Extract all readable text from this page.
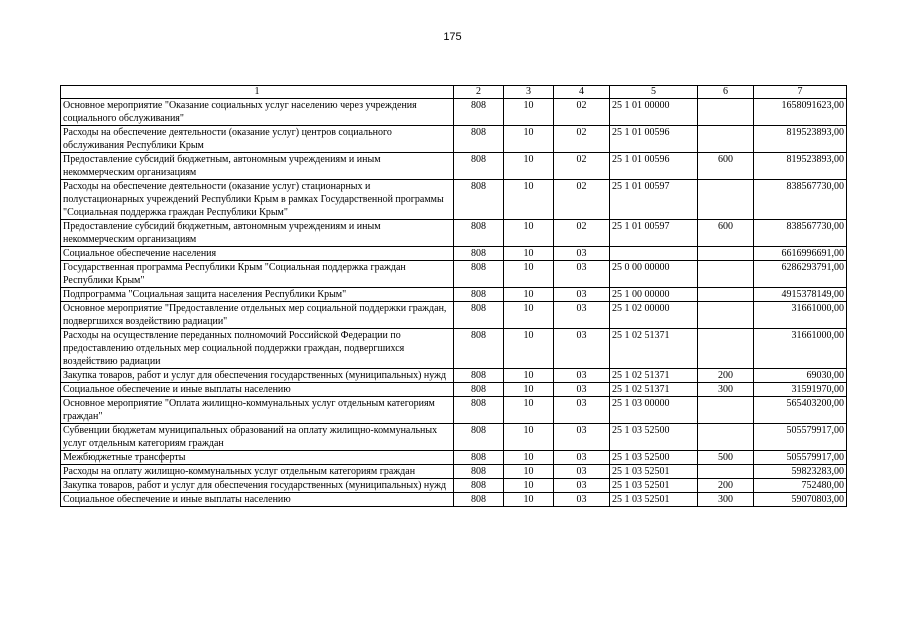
175
1	2	3	4	5	6	7
Основное мероприятие "Оказание социальных услуг населению через учреждения социального обслуживания"	808	10	02	25 1 01 00000		1658091623,00
Расходы на обеспечение деятельности (оказание услуг) центров социального обслуживания Республики Крым	808	10	02	25 1 01 00596		819523893,00
Предоставление субсидий бюджетным, автономным учреждениям и иным некоммерческим организациям	808	10	02	25 1 01 00596	600	819523893,00
Расходы на обеспечение деятельности (оказание услуг) стационарных и полустационарных учреждений Республики Крым в рамках Государственной программы "Социальная поддержка граждан Республики Крым"	808	10	02	25 1 01 00597		838567730,00
Предоставление субсидий бюджетным, автономным учреждениям и иным некоммерческим организациям	808	10	02	25 1 01 00597	600	838567730,00
Социальное обеспечение населения	808	10	03			6616996691,00
Государственная программа Республики Крым "Социальная поддержка граждан Республики Крым"	808	10	03	25 0 00 00000		6286293791,00
Подпрограмма "Социальная защита населения Республики Крым"	808	10	03	25 1 00 00000		4915378149,00
Основное мероприятие "Предоставление отдельных мер социальной поддержки граждан, подвергшихся воздействию радиации"	808	10	03	25 1 02 00000		31661000,00
Расходы на осуществление переданных полномочий Российской Федерации по предоставлению отдельных мер социальной поддержки граждан, подвергшихся воздействию радиации	808	10	03	25 1 02 51371		31661000,00
Закупка товаров, работ и услуг для обеспечения государственных (муниципальных) нужд	808	10	03	25 1 02 51371	200	69030,00
Социальное обеспечение и иные выплаты населению	808	10	03	25 1 02 51371	300	31591970,00
Основное мероприятие "Оплата жилищно-коммунальных услуг отдельным категориям граждан"	808	10	03	25 1 03 00000		565403200,00
Субвенции бюджетам муниципальных образований на оплату жилищно-коммунальных услуг отдельным категориям граждан	808	10	03	25 1 03 52500		505579917,00
Межбюджетные трансферты	808	10	03	25 1 03 52500	500	505579917,00
Расходы на оплату жилищно-коммунальных услуг отдельным категориям граждан	808	10	03	25 1 03 52501		59823283,00
Закупка товаров, работ и услуг для обеспечения государственных (муниципальных) нужд	808	10	03	25 1 03 52501	200	752480,00
Социальное обеспечение и иные выплаты населению	808	10	03	25 1 03 52501	300	59070803,00
